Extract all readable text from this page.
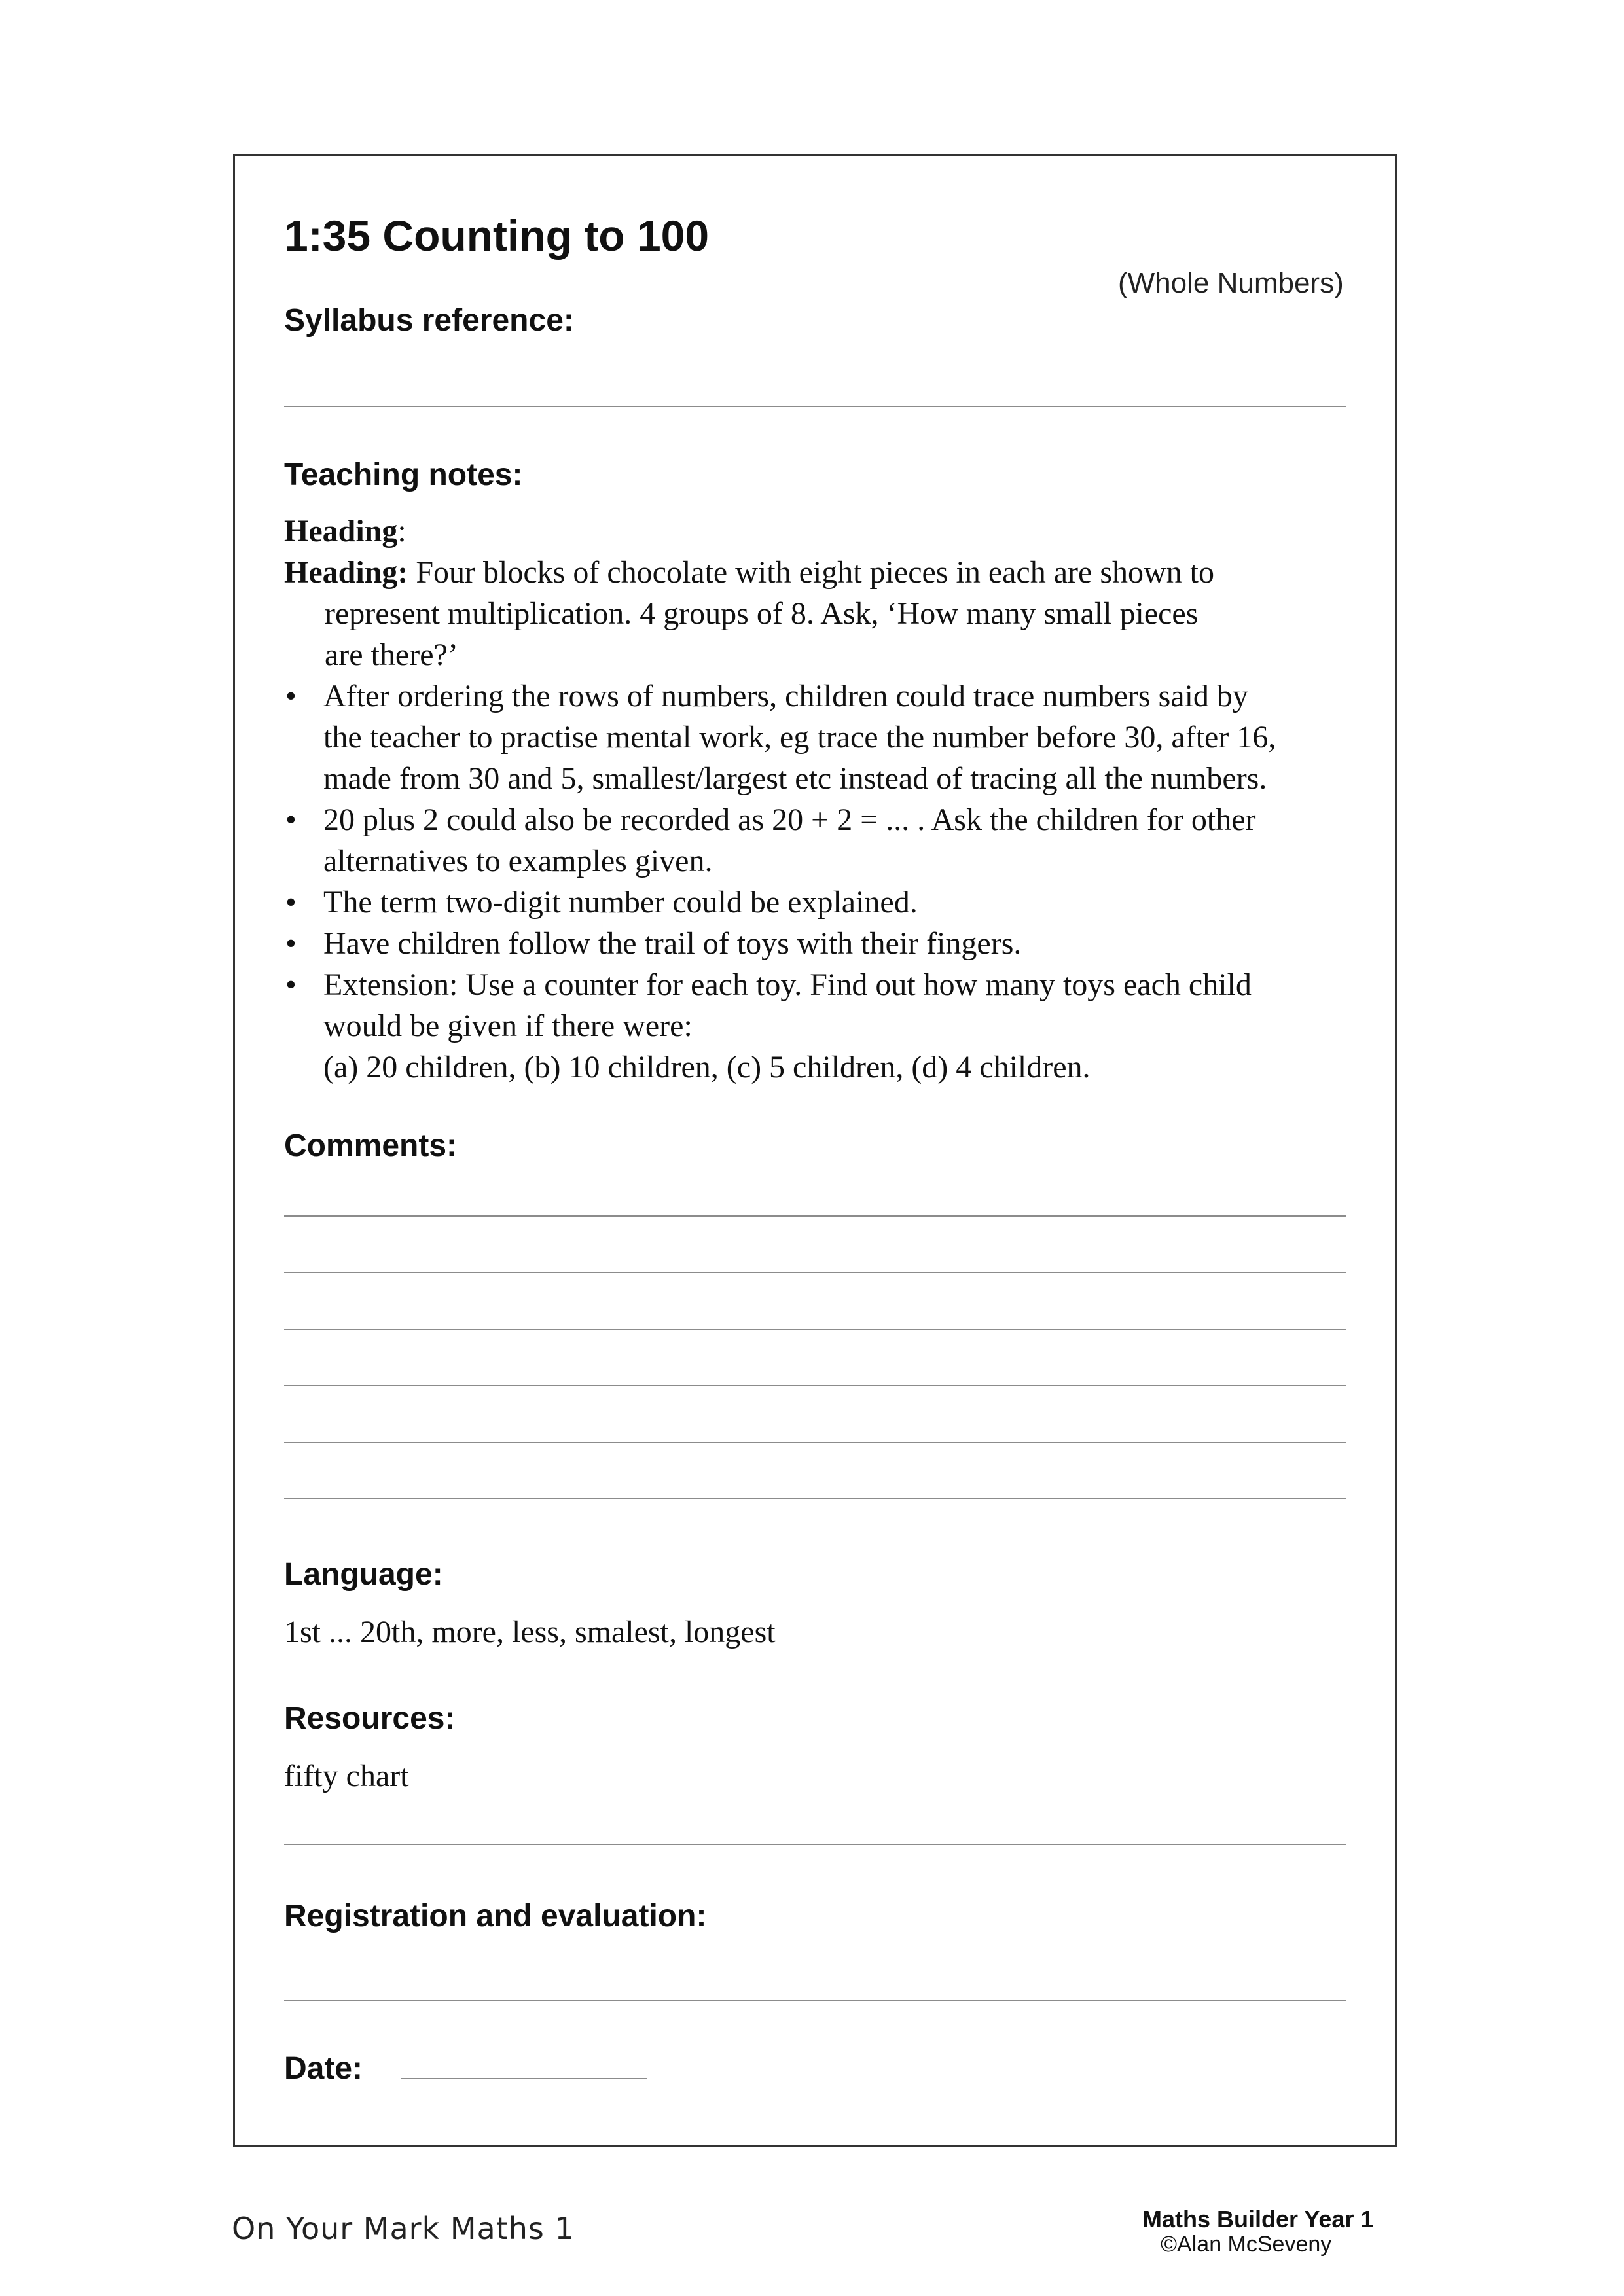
1:35 Counting to 100
(Whole Numbers)
Syllabus reference:
Teaching notes:
Heading:
Heading: Four blocks of chocolate with eight pieces in each are shown to
represent multiplication. 4 groups of 8. Ask, ‘How many small pieces
are there?’
• After ordering the rows of numbers, children could trace numbers said by
the teacher to practise mental work, eg trace the number before 30, after 16,
made from 30 and 5, smallest/largest etc instead of tracing all the numbers.
• 20 plus 2 could also be recorded as 20 + 2 = ... . Ask the children for other
alternatives to examples given.
• The term two-digit number could be explained.
• Have children follow the trail of toys with their fingers.
• Extension: Use a counter for each toy. Find out how many toys each child
would be given if there were:
(a) 20 children, (b) 10 children, (c) 5 children, (d) 4 children.
Comments:
Language:
1st ... 20th, more, less, smalest, longest
Resources:
fifty chart
Registration and evaluation:
Date:
On Your Mark Maths 1	Maths Builder Year 1
©Alan McSeveny
